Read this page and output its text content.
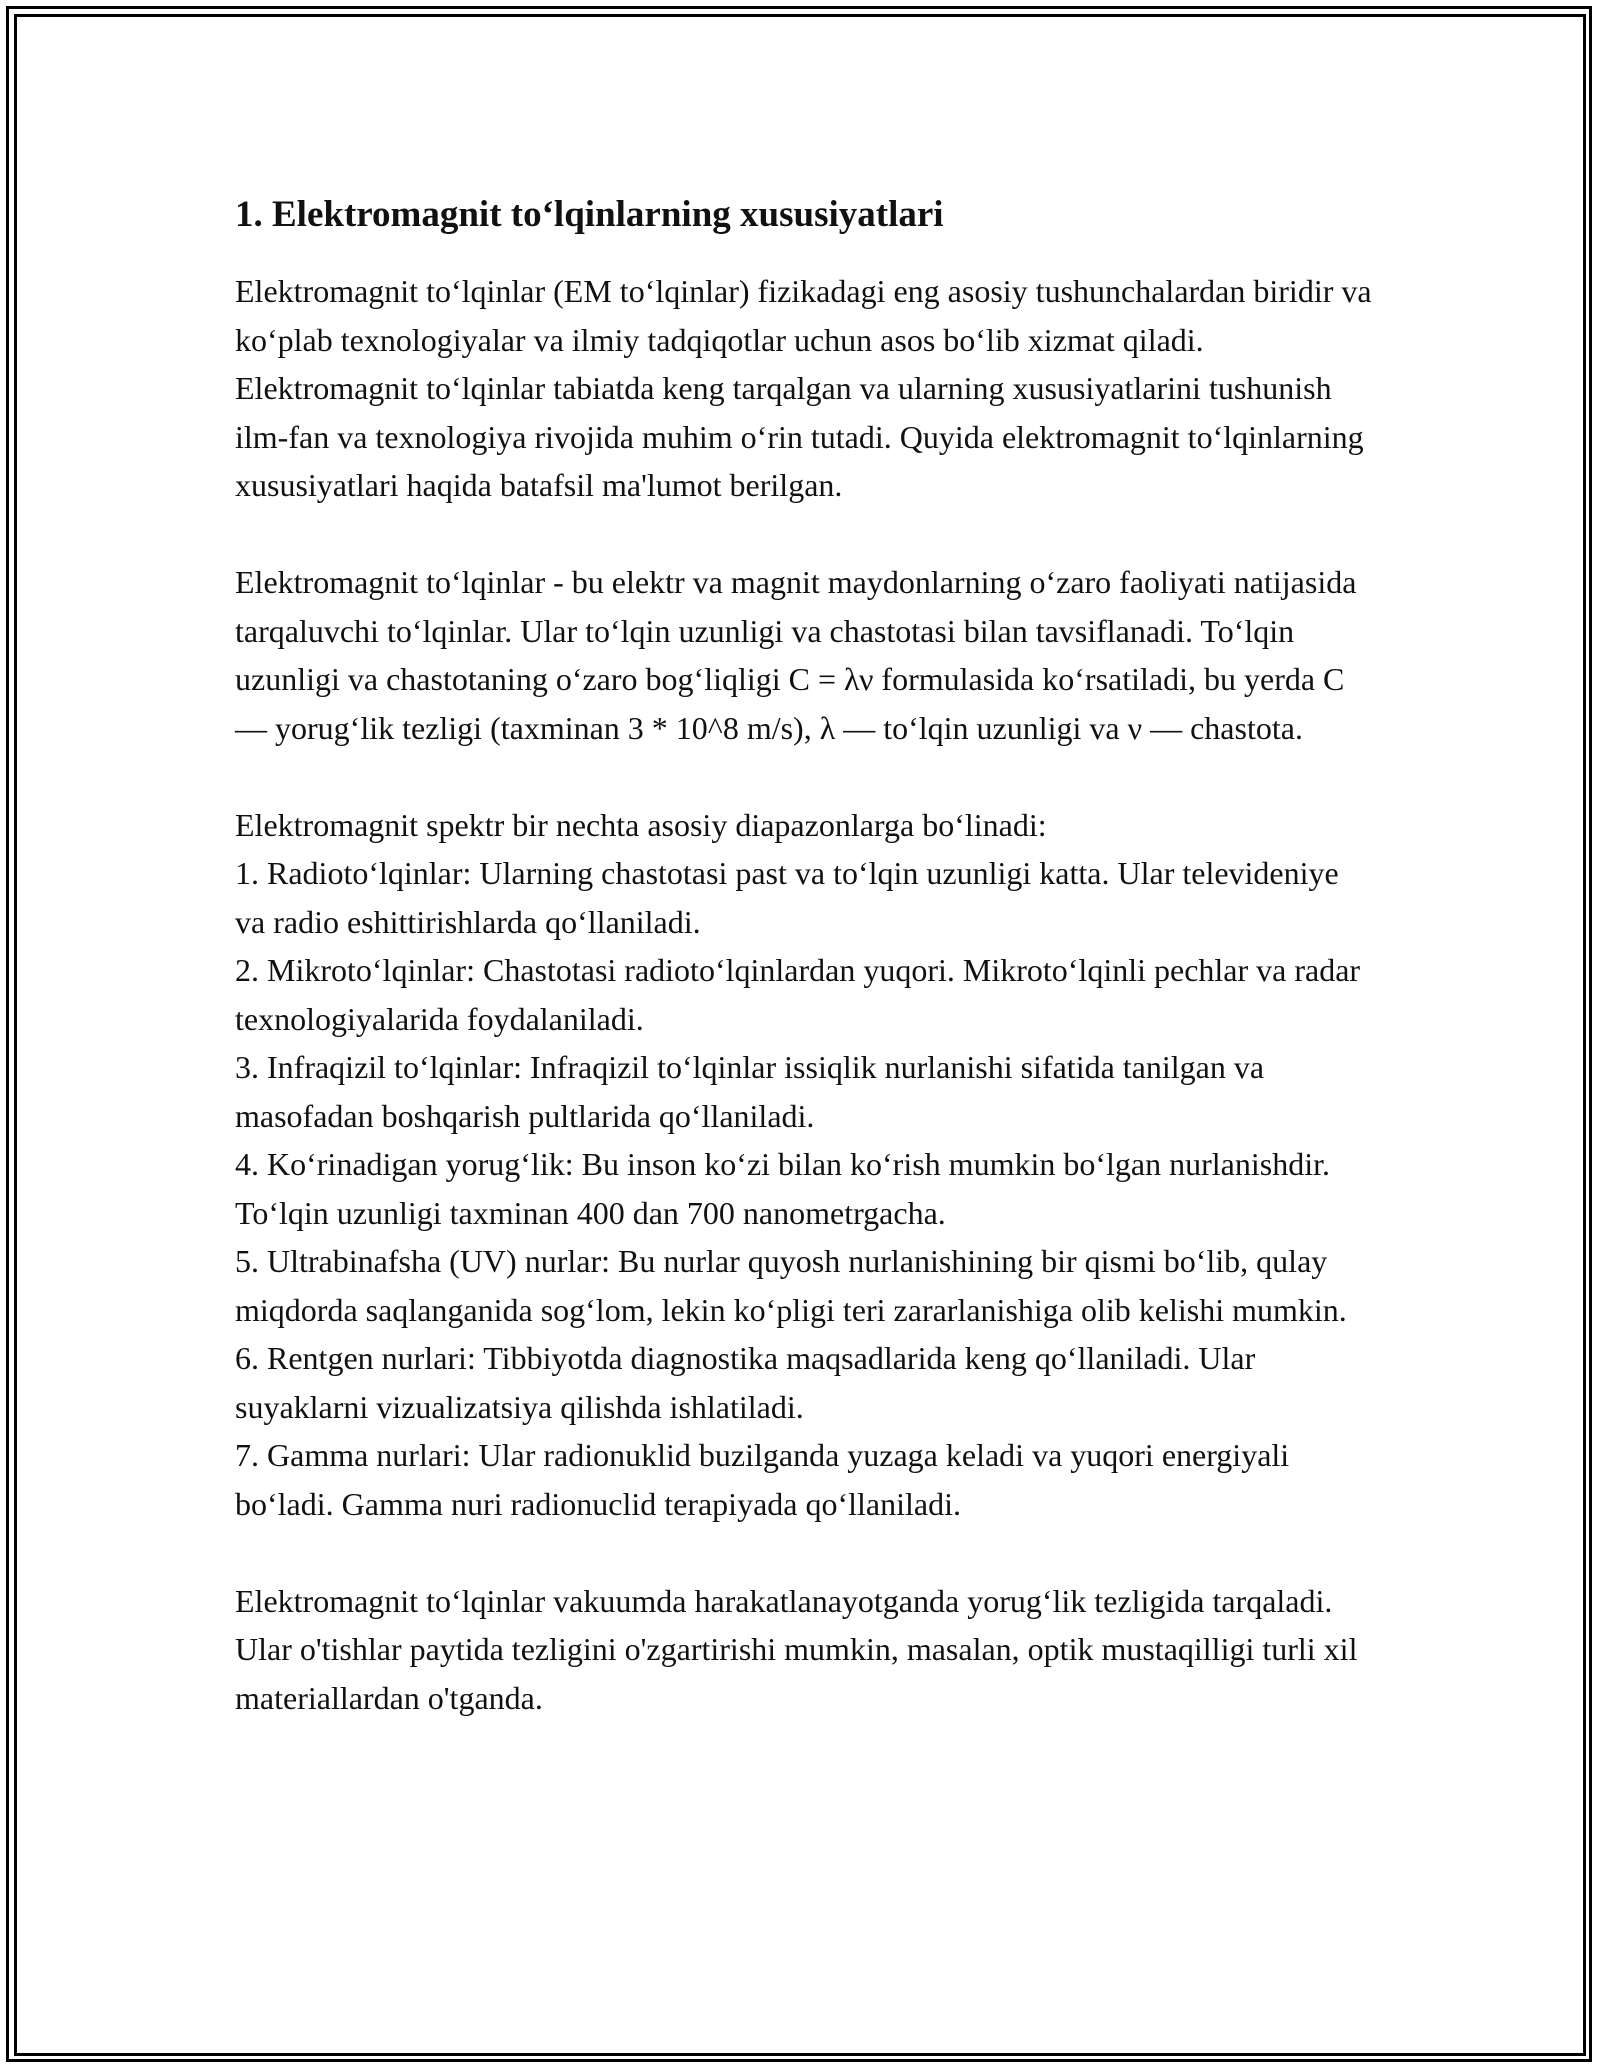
1. Elektromagnit to‘lqinlarning xususiyatlari

Elektromagnit to‘lqinlar (EM to‘lqinlar) fizikadagi eng asosiy tushunchalardan biridir va ko‘plab texnologiyalar va ilmiy tadqiqotlar uchun asos bo‘lib xizmat qiladi. Elektromagnit to‘lqinlar tabiatda keng tarqalgan va ularning xususiyatlarini tushunish ilm-fan va texnologiya rivojida muhim o‘rin tutadi. Quyida elektromagnit to‘lqinlarning xususiyatlari haqida batafsil ma'lumot berilgan.

Elektromagnit to‘lqinlar - bu elektr va magnit maydonlarning o‘zaro faoliyati natijasida tarqaluvchi to‘lqinlar. Ular to‘lqin uzunligi va chastotasi bilan tavsiflanadi. To‘lqin uzunligi va chastotaning o‘zaro bog‘liqligi C = λν formulasida ko‘rsatiladi, bu yerda C — yorug‘lik tezligi (taxminan 3 * 10^8 m/s), λ — to‘lqin uzunligi va ν — chastota.

Elektromagnit spektr bir nechta asosiy diapazonlarga bo‘linadi:

1. Radioto‘lqinlar: Ularning chastotasi past va to‘lqin uzunligi katta. Ular televideniye va radio eshittirishlarda qo‘llaniladi.
2. Mikroto‘lqinlar: Chastotasi radioto‘lqinlardan yuqori. Mikroto‘lqinli pechlar va radar texnologiyalarida foydalaniladi.
3. Infraqizil to‘lqinlar: Infraqizil to‘lqinlar issiqlik nurlanishi sifatida tanilgan va masofadan boshqarish pultlarida qo‘llaniladi.
4. Ko‘rinadigan yorug‘lik: Bu inson ko‘zi bilan ko‘rish mumkin bo‘lgan nurlanishdir. To‘lqin uzunligi taxminan 400 dan 700 nanometrgacha.
5. Ultrabinafsha (UV) nurlar: Bu nurlar quyosh nurlanishining bir qismi bo‘lib, qulay miqdorda saqlanganida sog‘lom, lekin ko‘pligi teri zararlanishiga olib kelishi mumkin.
6. Rentgen nurlari: Tibbiyotda diagnostika maqsadlarida keng qo‘llaniladi. Ular suyaklarni vizualizatsiya qilishda ishlatiladi.
7. Gamma nurlari: Ular radionuklid buzilganda yuzaga keladi va yuqori energiyali bo‘ladi. Gamma nuri radionuclid terapiyada qo‘llaniladi.

Elektromagnit to‘lqinlar vakuumda harakatlanayotganda yorug‘lik tezligida tarqaladi. Ular o'tishlar paytida tezligini o'zgartirishi mumkin, masalan, optik mustaqilligi turli xil materiallardan o'tganda.
